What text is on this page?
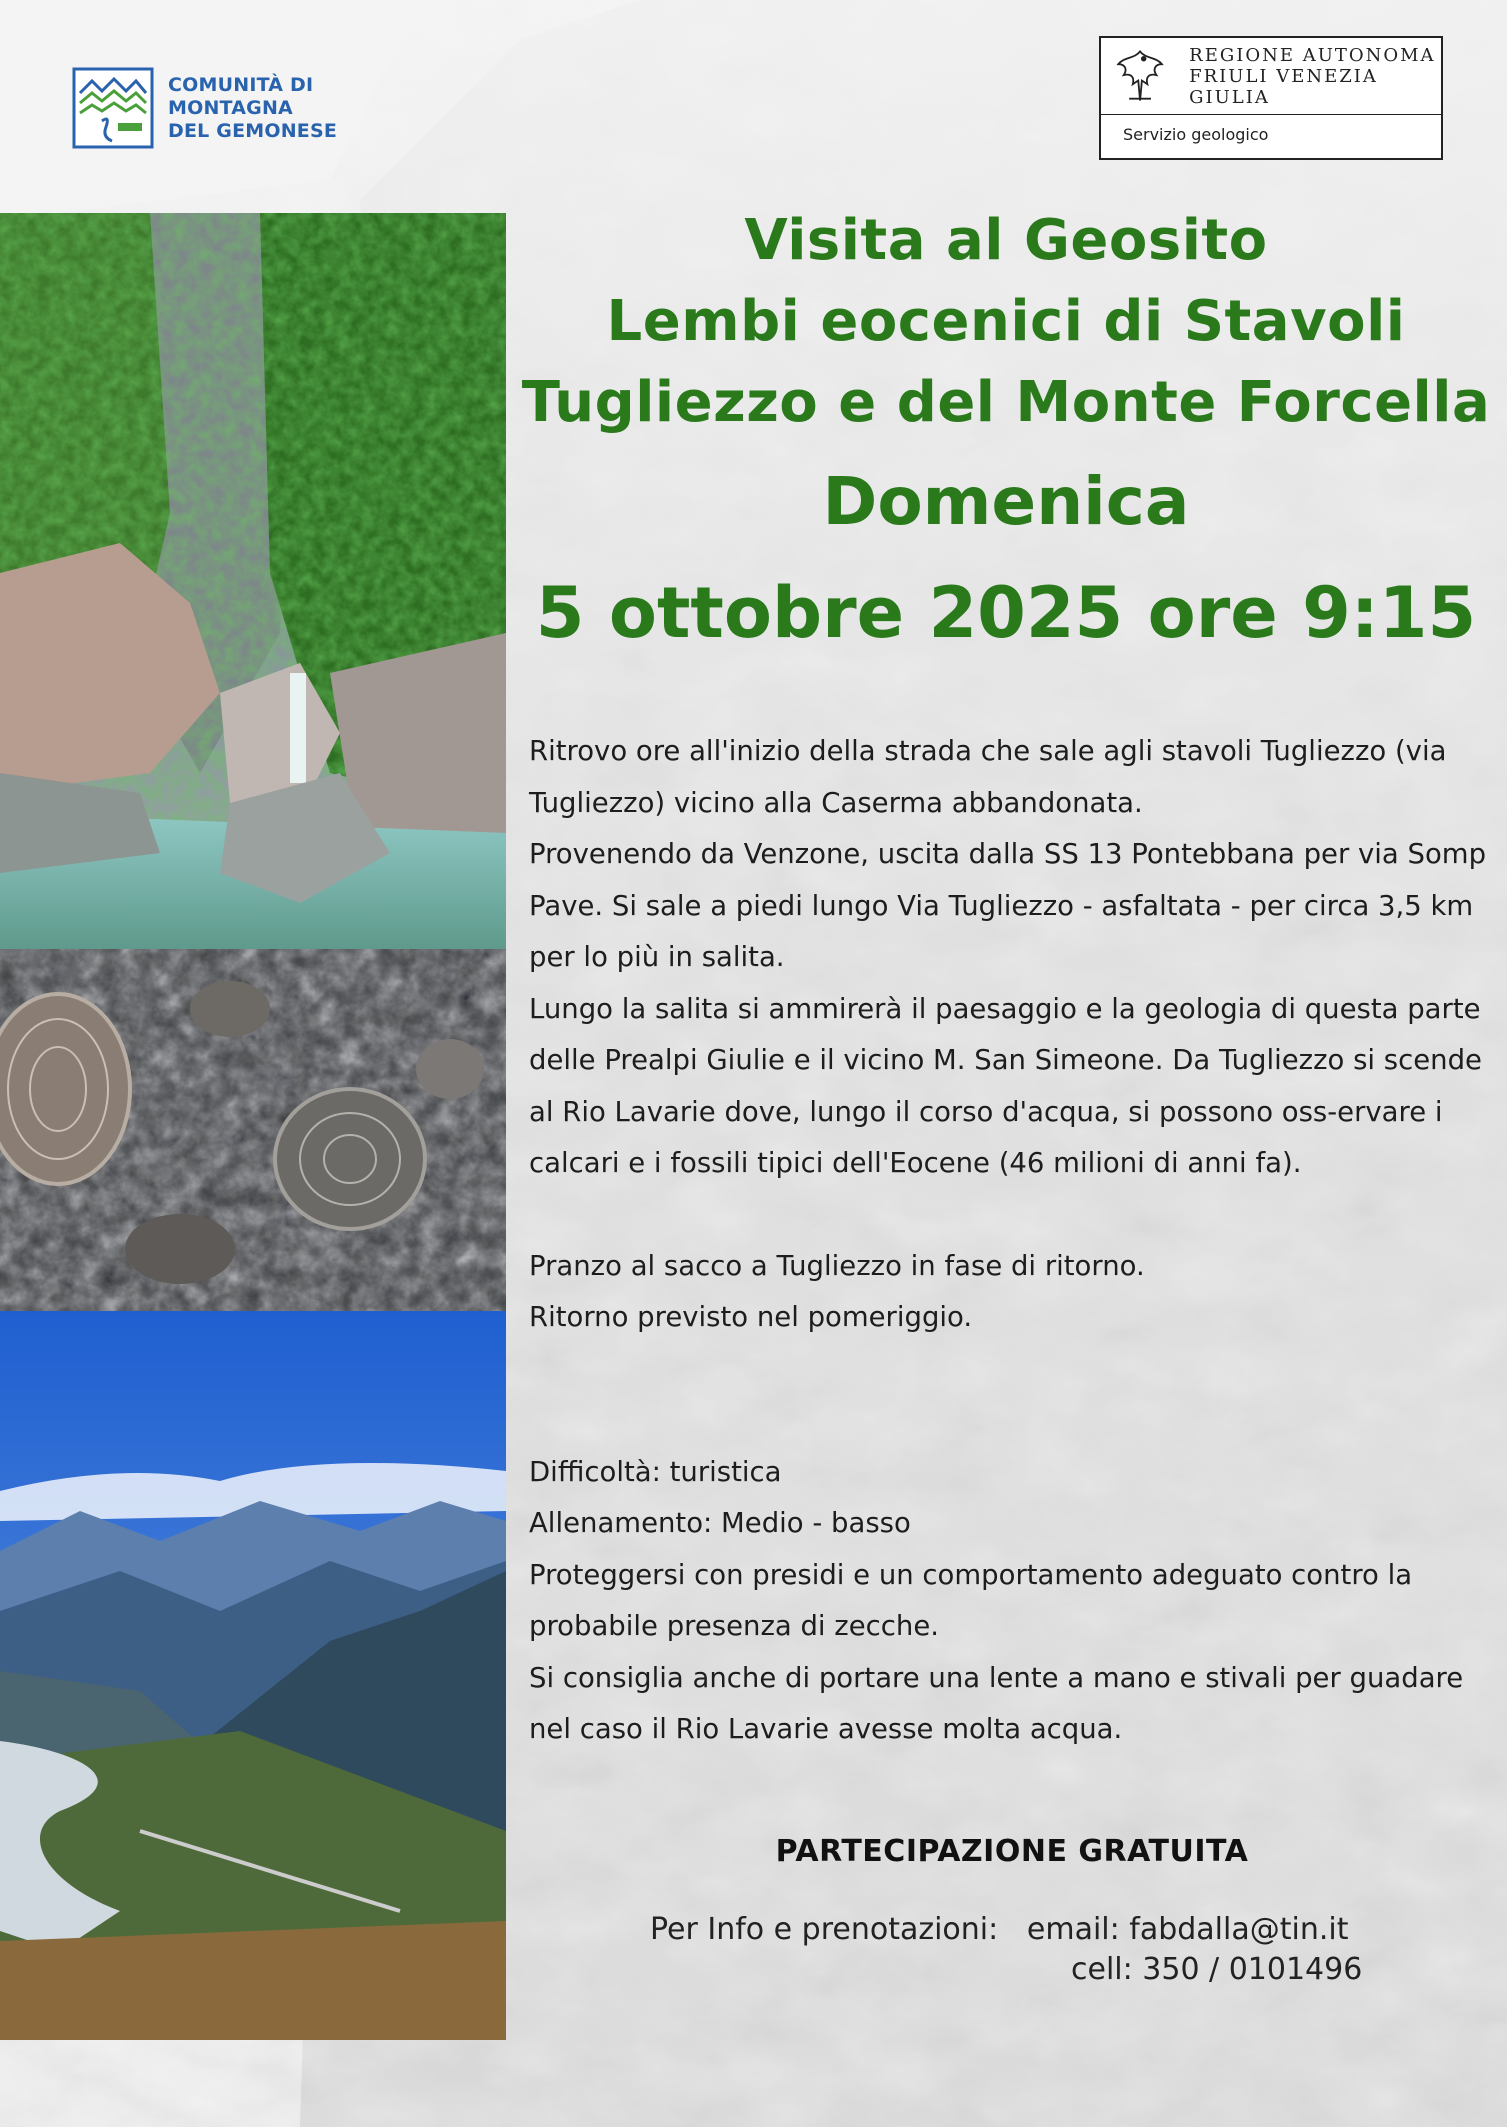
COMUNITÀ DI
MONTAGNA
DEL GEMONESE
REGIONE AUTONOMA
FRIULI VENEZIA GIULIA
Servizio geologico
Visita al Geosito
Lembi eocenici di Stavoli
Tugliezzo e del Monte Forcella
Domenica
5 ottobre 2025 ore 9:15

Ritrovo ore all'inizio della strada che sale agli stavoli Tugliezzo (via Tugliezzo) vicino alla Caserma abbandonata.

Provenendo da Venzone, uscita dalla SS 13 Pontebbana per via Somp Pave. Si sale a piedi lungo Via Tugliezzo - asfaltata - per circa 3,5 km per lo più in salita.

Lungo la salita si ammirerà il paesaggio e la geologia di questa parte delle Prealpi Giulie e il vicino M. San Simeone. Da Tugliezzo si scende al Rio Lavarie dove, lungo il corso d'acqua, si possono oss-ervare i calcari e i fossili tipici dell'Eocene (46 milioni di anni fa).

Pranzo al sacco a Tugliezzo in fase di ritorno.

Ritorno previsto nel pomeriggio.

Difficoltà: turistica

Allenamento: Medio - basso

Proteggersi con presidi e un comportamento adeguato contro la probabile presenza di zecche.

Si consiglia anche di portare una lente a mano e stivali per guadare nel caso il Rio Lavarie avesse molta acqua.

PARTECIPAZIONE GRATUITA
Per Info e prenotazioni: email: fabdalla@tin.it
cell: 350 / 0101496
